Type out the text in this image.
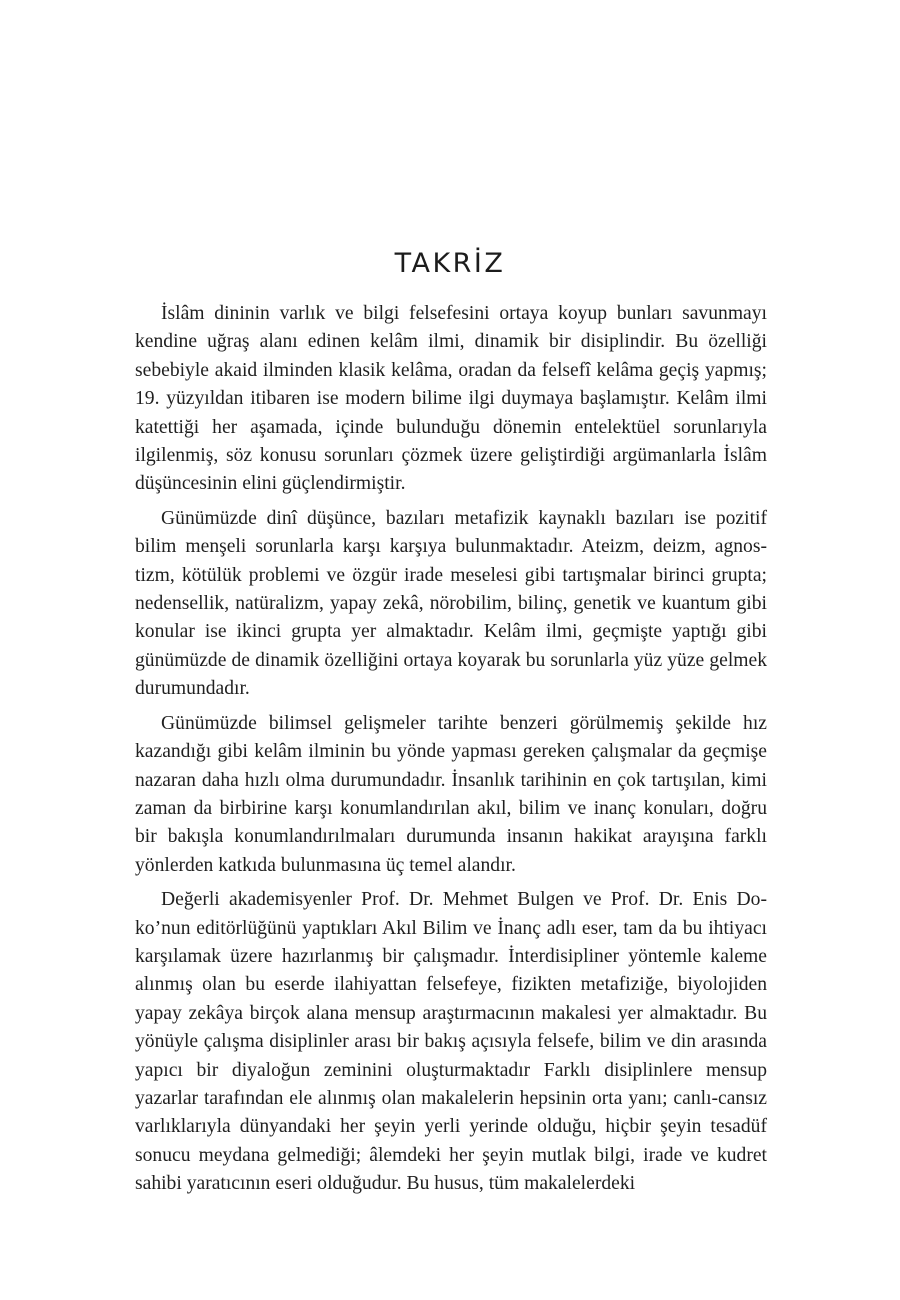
TAKRİZ

İslâm dininin varlık ve bilgi felsefesini ortaya koyup bunları savunmayı kendine uğraş alanı edinen kelâm ilmi, dinamik bir disiplindir. Bu özelliği sebebiyle akaid ilminden klasik kelâma, oradan da felsefî kelâma geçiş yapmış; 19. yüzyıldan itibaren ise modern bilime ilgi duymaya başlamıştır. Kelâm ilmi katettiği her aşamada, içinde bulunduğu dönemin entelektüel sorunlarıyla ilgilenmiş, söz konusu sorunları çözmek üzere geliştirdiği argümanlarla İslâm düşüncesinin elini güçlendirmiştir.

Günümüzde dinî düşünce, bazıları metafizik kaynaklı bazıları ise pozitif bilim menşeli sorunlarla karşı karşıya bulunmaktadır. Ateizm, deizm, agnostizm, kötülük problemi ve özgür irade meselesi gibi tartışmalar birinci grupta; nedensellik, natüralizm, yapay zekâ, nörobilim, bilinç, genetik ve kuantum gibi konular ise ikinci grupta yer almaktadır. Kelâm ilmi, geçmişte yaptığı gibi günümüzde de dinamik özelliğini ortaya koyarak bu sorunlarla yüz yüze gelmek durumundadır.

Günümüzde bilimsel gelişmeler tarihte benzeri görülmemiş şekilde hız kazandığı gibi kelâm ilminin bu yönde yapması gereken çalışmalar da geçmişe nazaran daha hızlı olma durumundadır. İnsanlık tarihinin en çok tartışılan, kimi zaman da birbirine karşı konumlandırılan akıl, bilim ve inanç konuları, doğru bir bakışla konumlandırılmaları durumunda insanın hakikat arayışına farklı yönlerden katkıda bulunmasına üç temel alandır.

Değerli akademisyenler Prof. Dr. Mehmet Bulgen ve Prof. Dr. Enis Doko’nun editörlüğünü yaptıkları Akıl Bilim ve İnanç adlı eser, tam da bu ihtiyacı karşılamak üzere hazırlanmış bir çalışmadır. İnterdisipliner yöntemle kaleme alınmış olan bu eserde ilahiyattan felsefeye, fizikten metafiziğe, biyolojiden yapay zekâya birçok alana mensup araştırmacının makalesi yer almaktadır. Bu yönüyle çalışma disiplinler arası bir bakış açısıyla felsefe, bilim ve din arasında yapıcı bir diyaloğun zeminini oluşturmaktadır Farklı disiplinlere mensup yazarlar tarafından ele alınmış olan makalelerin hepsinin orta yanı; canlı-cansız varlıklarıyla dünyandaki her şeyin yerli yerinde olduğu, hiçbir şeyin tesadüf sonucu meydana gelmediği; âlemdeki her şeyin mutlak bilgi, irade ve kudret sahibi yaratıcının eseri olduğudur. Bu husus, tüm makalelerdeki
